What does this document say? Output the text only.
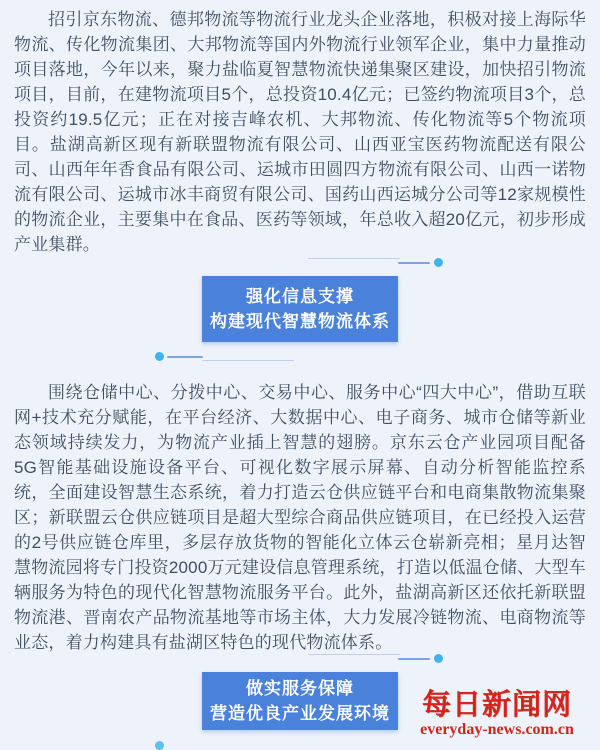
招引京东物流、德邦物流等物流行业龙头企业落地，积极对接上海际华物流、传化物流集团、大邦物流等国内外物流行业领军企业，集中力量推动项目落地，今年以来，聚力盐临夏智慧物流快递集聚区建设，加快招引物流项目，目前，在建物流项目5个，总投资10.4亿元；已签约物流项目3个，总投资约19.5亿元；正在对接吉峰农机、大邦物流、传化物流等5个物流项目。盐湖高新区现有新联盟物流有限公司、山西亚宝医药物流配送有限公司、山西年年香食品有限公司、运城市田圆四方物流有限公司、山西一诺物流有限公司、运城市冰丰商贸有限公司、国药山西运城分公司等12家规模性的物流企业，主要集中在食品、医药等领域，年总收入超20亿元，初步形成产业集群。

强化信息支撑
构建现代智慧物流体系

围绕仓储中心、分拨中心、交易中心、服务中心“四大中心”，借助互联网+技术充分赋能，在平台经济、大数据中心、电子商务、城市仓储等新业态领域持续发力，为物流产业插上智慧的翅膀。京东云仓产业园项目配备5G智能基础设施设备平台、可视化数字展示屏幕、自动分析智能监控系统，全面建设智慧生态系统，着力打造云仓供应链平台和电商集散物流集聚区；新联盟云仓供应链项目是超大型综合商品供应链项目，在已经投入运营的2号供应链仓库里，多层存放货物的智能化立体云仓崭新亮相；星月达智慧物流园将专门投资2000万元建设信息管理系统，打造以低温仓储、大型车辆服务为特色的现代化智慧物流服务平台。此外，盐湖高新区还依托新联盟物流港、晋南农产品物流基地等市场主体，大力发展冷链物流、电商物流等业态，着力构建具有盐湖区特色的现代物流体系。

做实服务保障
营造优良产业发展环境	每日新闻网
everyday-news.com.cn
